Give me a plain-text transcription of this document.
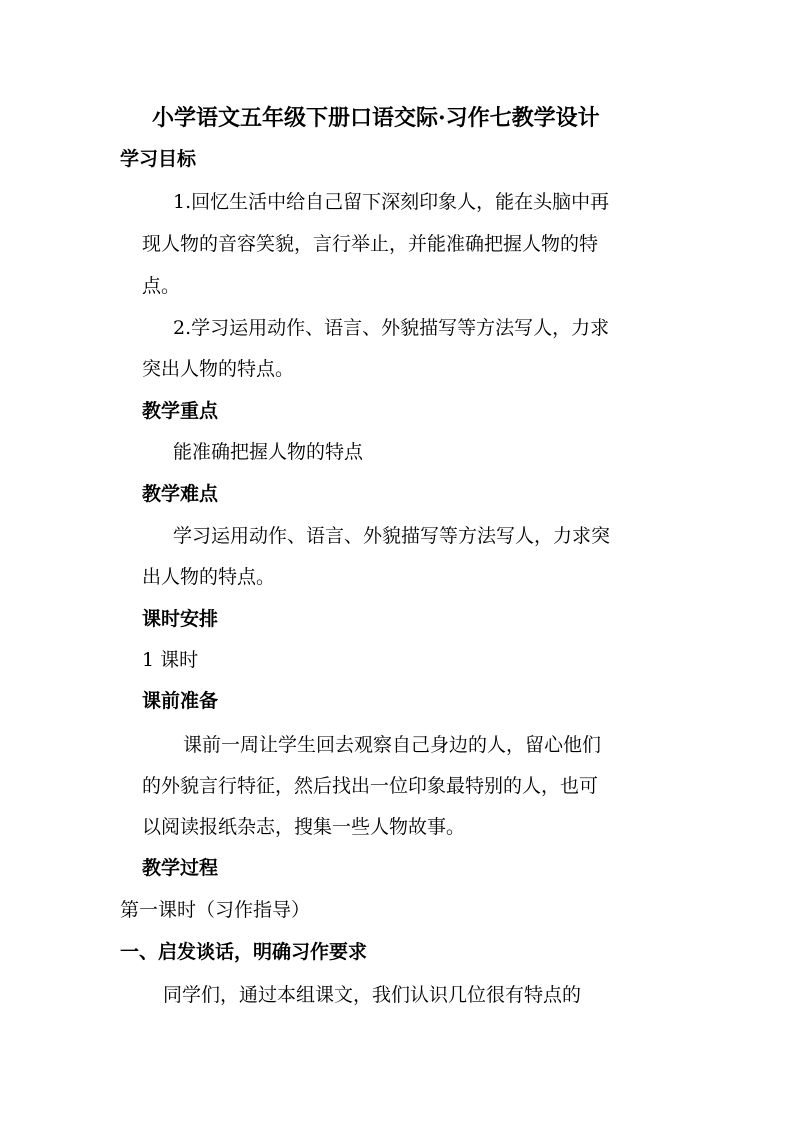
小学语文五年级下册口语交际·习作七教学设计
学习目标
1.回忆生活中给自己留下深刻印象人，能在头脑中再
现人物的音容笑貌，言行举止，并能准确把握人物的特
点。
2.学习运用动作、语言、外貌描写等方法写人，力求
突出人物的特点。
教学重点
能准确把握人物的特点
教学难点
学习运用动作、语言、外貌描写等方法写人，力求突
出人物的特点。
课时安排
1 课时
课前准备
课前一周让学生回去观察自己身边的人，留心他们
的外貌言行特征，然后找出一位印象最特别的人，也可
以阅读报纸杂志，搜集一些人物故事。
教学过程
第一课时（习作指导）
一、启发谈话，明确习作要求
同学们，通过本组课文，我们认识几位很有特点的
